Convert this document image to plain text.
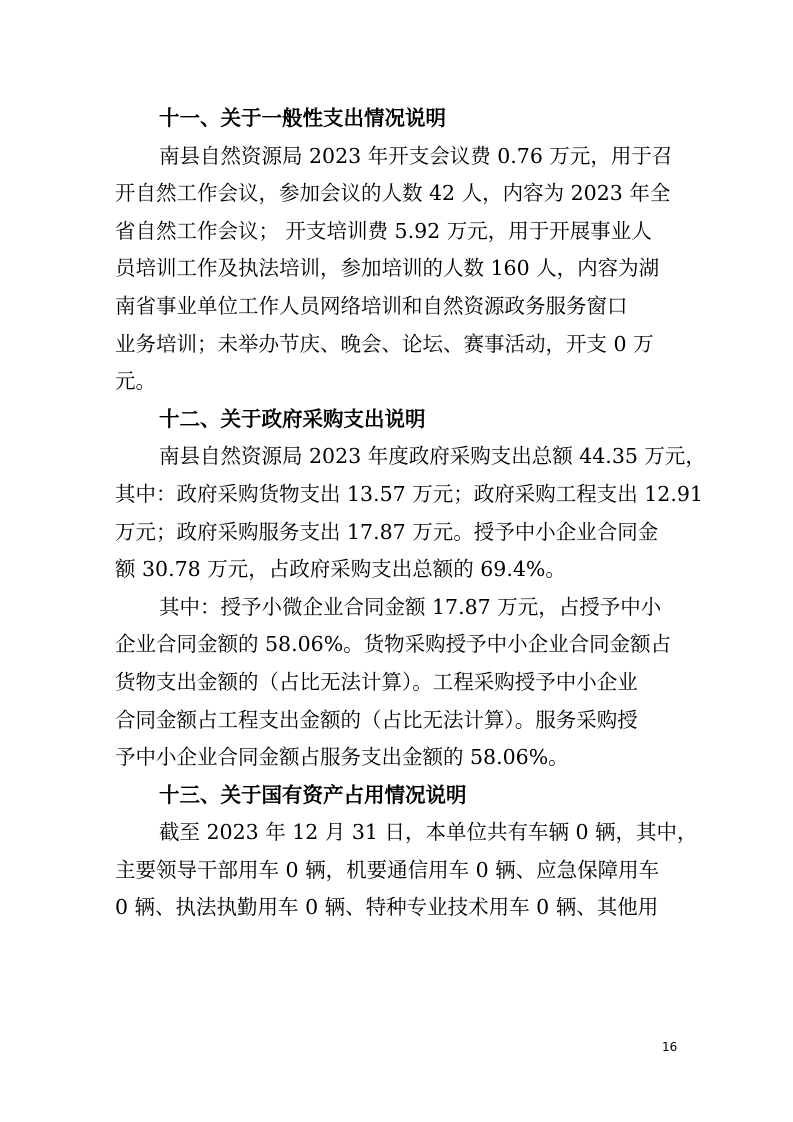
十一、关于一般性支出情况说明
南县自然资源局 2023 年开支会议费 0.76 万元，用于召
开自然工作会议，参加会议的人数 42 人，内容为 2023 年全
省自然工作会议； 开支培训费 5.92 万元，用于开展事业人
员培训工作及执法培训，参加培训的人数 160 人，内容为湖
南省事业单位工作人员网络培训和自然资源政务服务窗口
业务培训；未举办节庆、晚会、论坛、赛事活动，开支 0 万
元。
十二、关于政府采购支出说明
南县自然资源局 2023 年度政府采购支出总额 44.35 万元，
其中：政府采购货物支出 13.57 万元；政府采购工程支出 12.91
万元；政府采购服务支出 17.87 万元。授予中小企业合同金
额 30.78 万元，占政府采购支出总额的 69.4%。
其中：授予小微企业合同金额 17.87 万元，占授予中小
企业合同金额的 58.06%。货物采购授予中小企业合同金额占
货物支出金额的（占比无法计算）。工程采购授予中小企业
合同金额占工程支出金额的（占比无法计算）。服务采购授
予中小企业合同金额占服务支出金额的 58.06%。
十三、关于国有资产占用情况说明
截至 2023 年 12 月 31 日，本单位共有车辆 0 辆，其中，
主要领导干部用车 0 辆，机要通信用车 0 辆、应急保障用车
0 辆、执法执勤用车 0 辆、特种专业技术用车 0 辆、其他用
16
